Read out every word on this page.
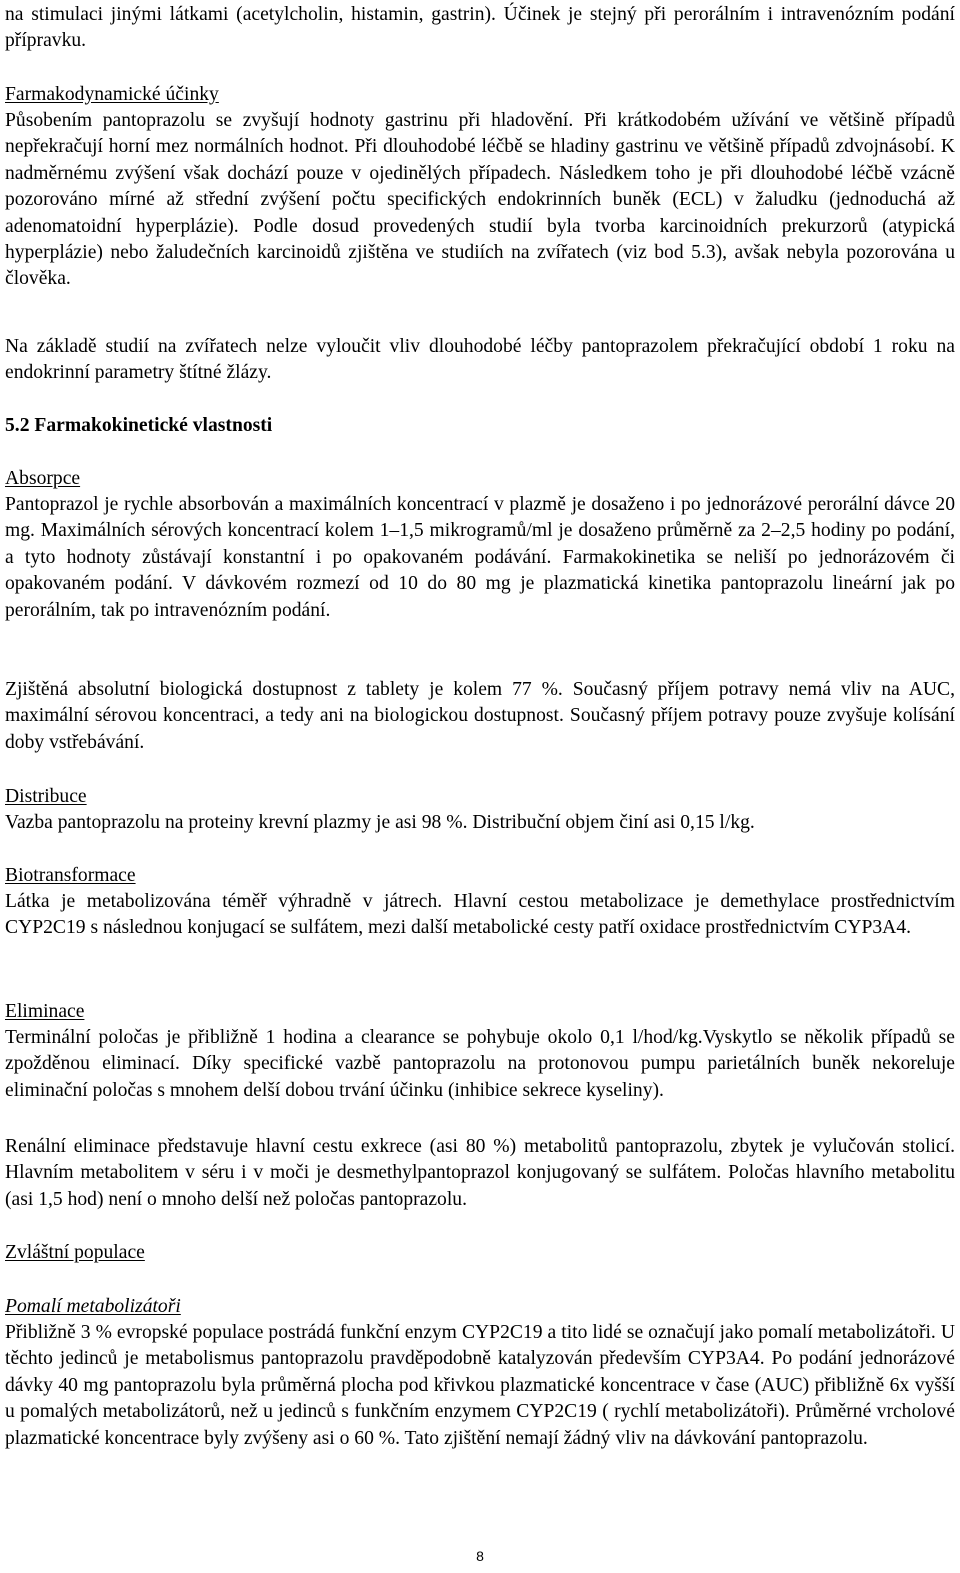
na stimulaci jinými látkami (acetylcholin, histamin, gastrin). Účinek je stejný při perorálním i intravenózním podání přípravku.

Farmakodynamické účinky

Působením pantoprazolu se zvyšují hodnoty gastrinu při hladovění. Při krátkodobém užívání ve většině případů nepřekračují horní mez normálních hodnot. Při dlouhodobé léčbě se hladiny gastrinu ve většině případů zdvojnásobí. K nadměrnému zvýšení však dochází pouze v ojedinělých případech. Následkem toho je při dlouhodobé léčbě vzácně pozorováno mírné až střední zvýšení počtu specifických endokrinních buněk (ECL) v žaludku (jednoduchá až adenomatoidní hyperplázie). Podle dosud provedených studií byla tvorba karcinoidních prekurzorů (atypická hyperplázie) nebo žaludečních karcinoidů zjištěna ve studiích na zvířatech (viz bod 5.3), avšak nebyla pozorována u člověka.

Na základě studií na zvířatech nelze vyloučit vliv dlouhodobé léčby pantoprazolem překračující období 1 roku na endokrinní parametry štítné žlázy.

5.2 Farmakokinetické vlastnosti

Absorpce

Pantoprazol je rychle absorbován a maximálních koncentrací v plazmě je dosaženo i po jednorázové perorální dávce 20 mg. Maximálních sérových koncentrací kolem 1–1,5 mikrogramů/ml je dosaženo průměrně za 2–2,5 hodiny po podání, a tyto hodnoty zůstávají konstantní i po opakovaném podávání. Farmakokinetika se neliší po jednorázovém či opakovaném podání. V dávkovém rozmezí od 10 do 80 mg je plazmatická kinetika pantoprazolu lineární jak po perorálním, tak po intravenózním podání.

Zjištěná absolutní biologická dostupnost z tablety je kolem 77 %. Současný příjem potravy nemá vliv na AUC, maximální sérovou koncentraci, a tedy ani na biologickou dostupnost. Současný příjem potravy pouze zvyšuje kolísání doby vstřebávání.

Distribuce

Vazba pantoprazolu na proteiny krevní plazmy je asi 98 %. Distribuční objem činí asi 0,15 l/kg.

Biotransformace

Látka je metabolizována téměř výhradně v játrech. Hlavní cestou metabolizace je demethylace prostřednictvím CYP2C19 s následnou konjugací se sulfátem, mezi další metabolické cesty patří oxidace prostřednictvím CYP3A4.

Eliminace

Terminální poločas je přibližně 1 hodina a clearance se pohybuje okolo 0,1 l/hod/kg.Vyskytlo se několik případů se zpožděnou eliminací. Díky specifické vazbě pantoprazolu na protonovou pumpu parietálních buněk nekoreluje eliminační poločas s mnohem delší dobou trvání účinku (inhibice sekrece kyseliny).

Renální eliminace představuje hlavní cestu exkrece (asi 80 %) metabolitů pantoprazolu, zbytek je vylučován stolicí. Hlavním metabolitem v séru i v moči je desmethylpantoprazol konjugovaný se sulfátem. Poločas hlavního metabolitu (asi 1,5 hod) není o mnoho delší než poločas pantoprazolu.

Zvláštní populace

Pomalí metabolizátoři

Přibližně 3 % evropské populace postrádá funkční enzym CYP2C19 a tito lidé se označují jako pomalí metabolizátoři. U těchto jedinců je metabolismus pantoprazolu pravděpodobně katalyzován především CYP3A4. Po podání jednorázové dávky 40 mg pantoprazolu byla průměrná plocha pod křivkou plazmatické koncentrace v čase (AUC) přibližně 6x vyšší u pomalých metabolizátorů, než u jedinců s funkčním enzymem CYP2C19 ( rychlí metabolizátoři). Průměrné vrcholové plazmatické koncentrace byly zvýšeny asi o 60 %. Tato zjištění nemají žádný vliv na dávkování pantoprazolu.

8
